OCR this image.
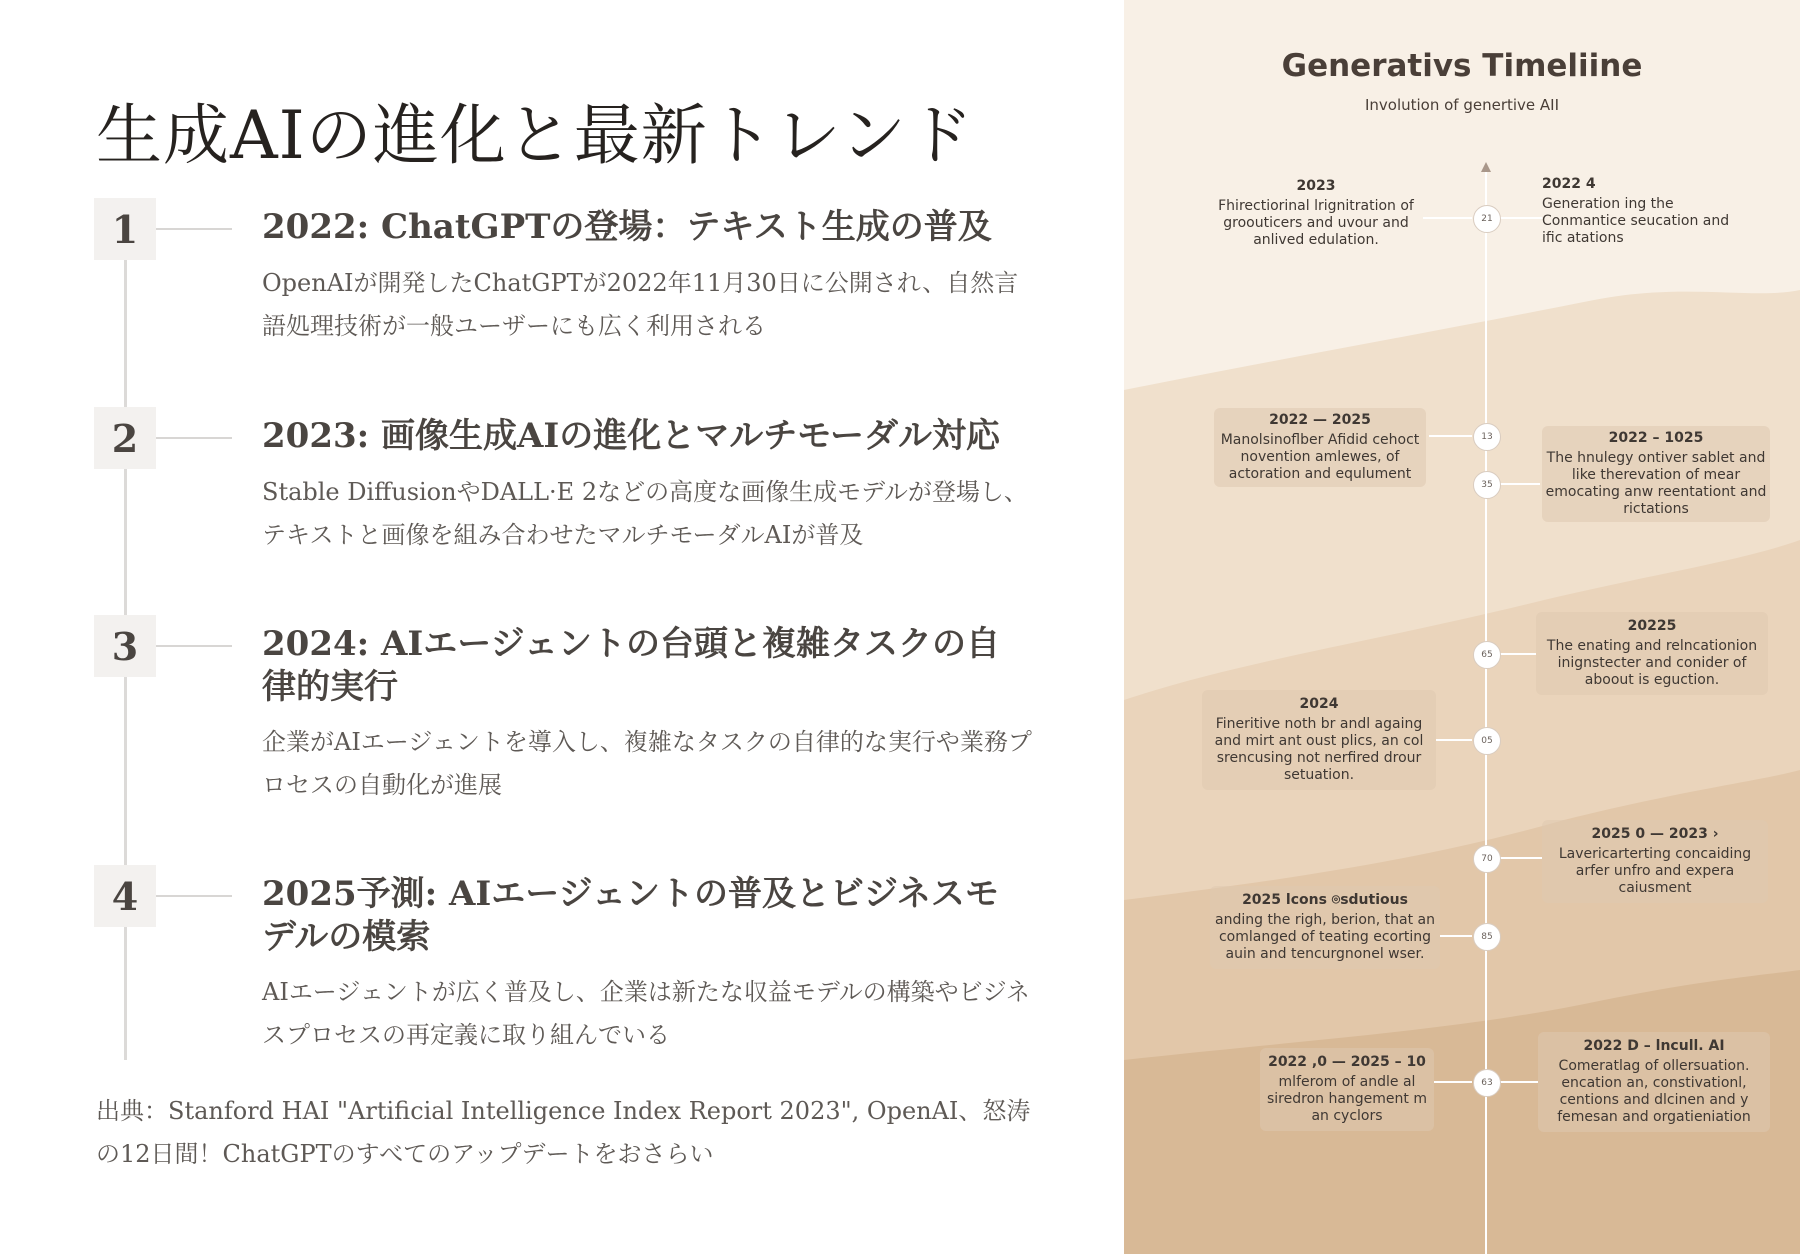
生成AIの進化と最新トレンド
1	2022: ChatGPTの登場：テキスト生成の普及

OpenAIが開発したChatGPTが2022年11月30日に公開され、自然言語処理技術が一般ユーザーにも広く利用される

2	2023: 画像生成AIの進化とマルチモーダル対応

Stable DiffusionやDALL·E 2などの高度な画像生成モデルが登場し、テキストと画像を組み合わせたマルチモーダルAIが普及

3	2024: AIエージェントの台頭と複雑タスクの自律的実行

企業がAIエージェントを導入し、複雑なタスクの自律的な実行や業務プロセスの自動化が進展

4	2025予測: AIエージェントの普及とビジネスモデルの模索

AIエージェントが広く普及し、企業は新たな収益モデルの構築やビジネスプロセスの再定義に取り組んでいる

出典：Stanford HAI "Artificial Intelligence Index Report 2023", OpenAI、怒涛の12日間！ChatGPTのすべてのアップデートをおさらい

Generativs Timeliine
Involution of genertive AII
21
13
35
65
05
70
85
63
2023
Fhirectiorinal lrignitration of groouticers and uvour and anlived edulation.
2022 4
Generation ing the Conmantice seucation and ific atations
2022 — 2025
Manolsinoflber Afidid cehoct novention amlewes, of actoration and equlument
2022 – 1025
The hnulegy ontiver sablet and like therevation of mear emocating anw reentationt and rictations
20225
The enating and relncationion inignstecter and conider of aboout is eguction.
2024
Fineritive noth br andl againg and mirt ant oust plics, an col srencusing not nerfired drour setuation.
2025 0 — 2023 ›
Lavericarterting concaiding arfer unfro and expera caiusment
2025 lcons ⌾sdutious
anding the righ, berion, that an comlanged of teating ecorting auin and tencurgnonel wser.
2022 ,0 — 2025 – 10
mlferom of andle al siredron hangement m an cyclors
2022 D – lncull. AI
Comeratlag of ollersuation. encation an, constivationl, centions and dlcinen and y femesan and orgatieniation
